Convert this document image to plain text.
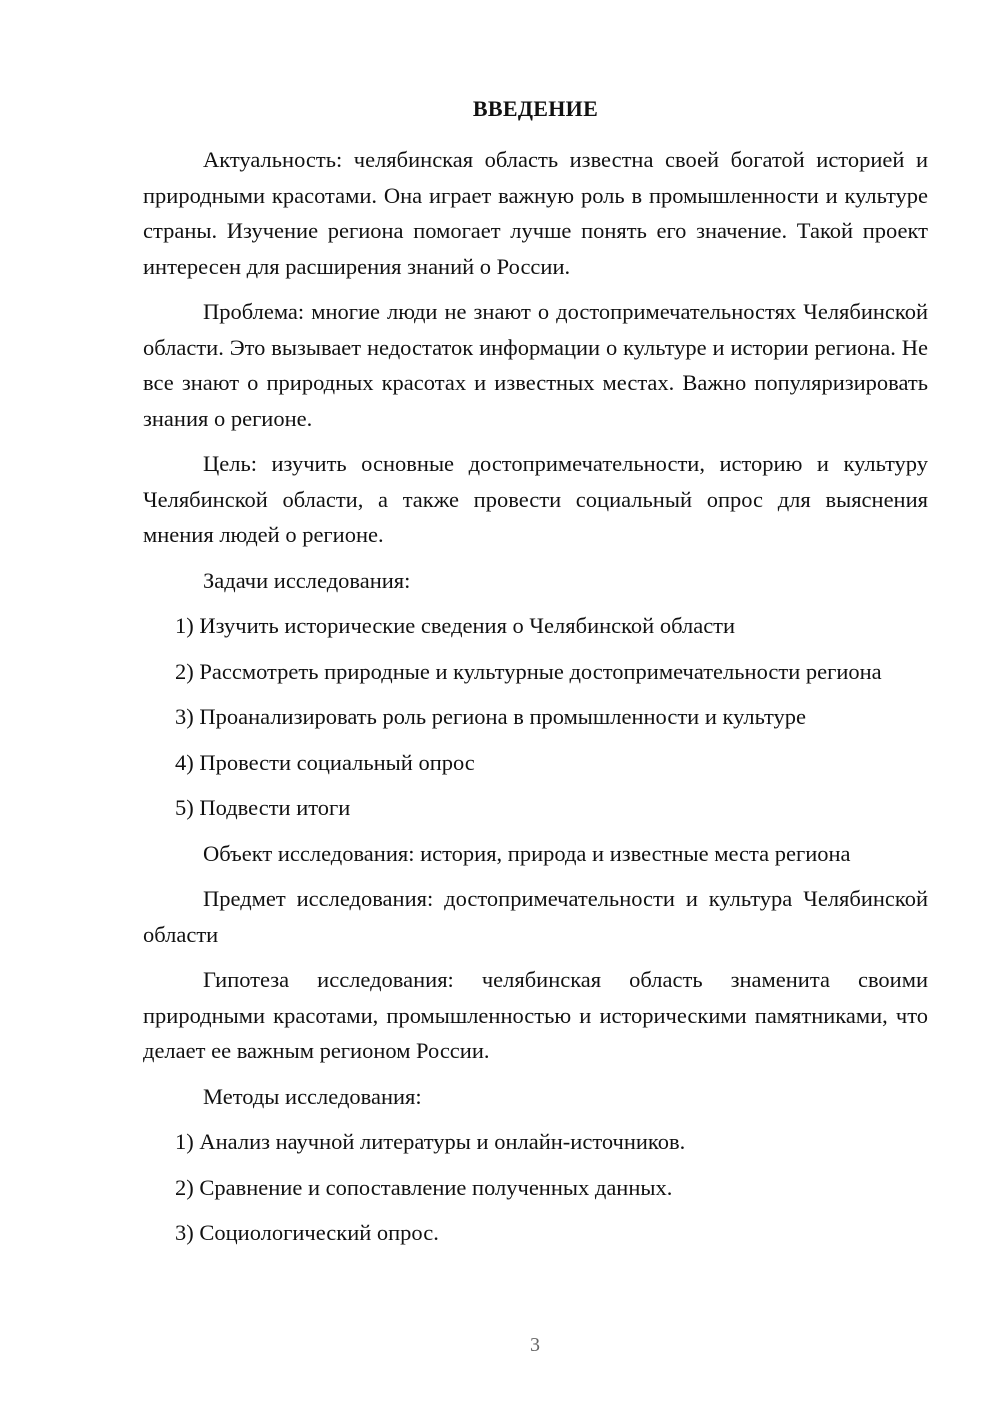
ВВЕДЕНИЕ

Актуальность: челябинская область известна своей богатой историей и природными красотами. Она играет важную роль в промышленности и культуре страны. Изучение региона помогает лучше понять его значение. Такой проект интересен для расширения знаний о России.

Проблема: многие люди не знают о достопримечательностях Челябинской области. Это вызывает недостаток информации о культуре и истории региона. Не все знают о природных красотах и известных местах. Важно популяризировать знания о регионе.

Цель: изучить основные достопримечательности, историю и культуру Челябинской области, а также провести социальный опрос для выяснения мнения людей о регионе.

Задачи исследования:

1) Изучить исторические сведения о Челябинской области

2) Рассмотреть природные и культурные достопримечательности региона

3) Проанализировать роль региона в промышленности и культуре

4) Провести социальный опрос

5) Подвести итоги

Объект исследования: история, природа и известные места региона

Предмет исследования: достопримечательности и культура Челябинской области

Гипотеза исследования: челябинская область знаменита своими природными красотами, промышленностью и историческими памятниками, что делает ее важным регионом России.

Методы исследования:

1) Анализ научной литературы и онлайн-источников.

2) Сравнение и сопоставление полученных данных.

3) Социологический опрос.

3
